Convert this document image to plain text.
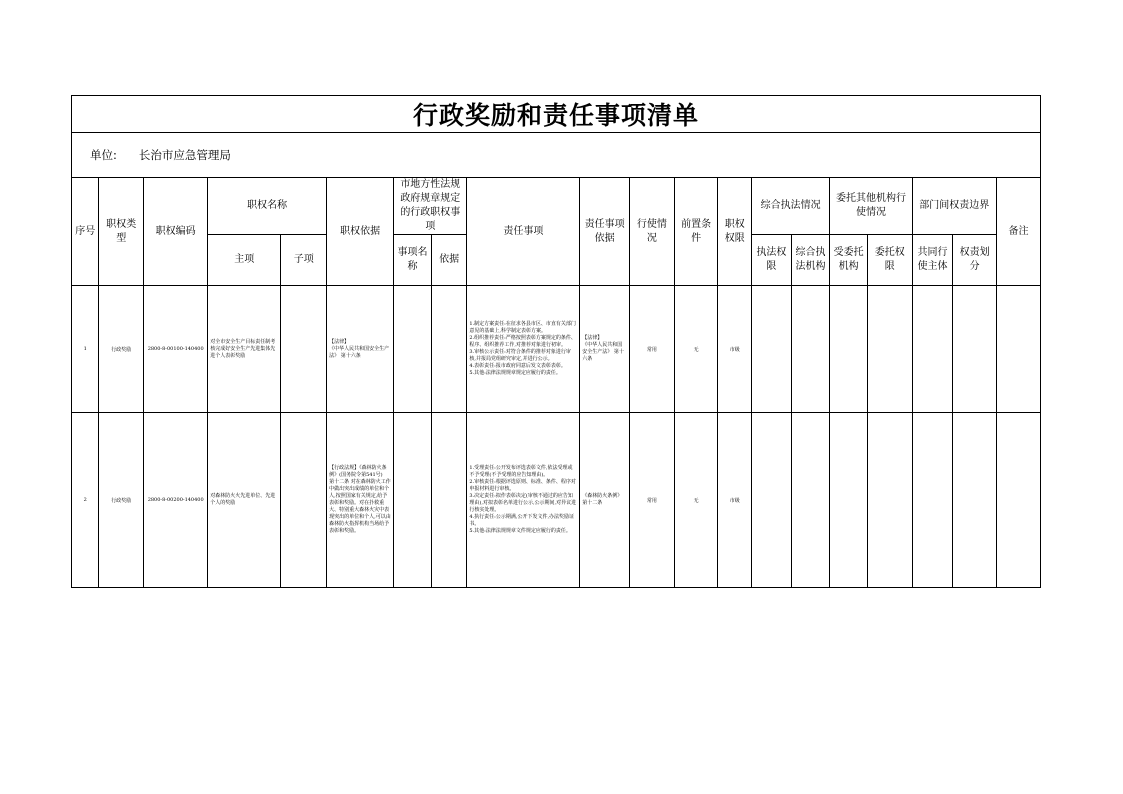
行政奖励和责任事项清单																			
单位: 长治市应急管理局																			
序号	职权类型	职权编码	职权名称		职权依据	市地方性法规政府规章规定的行政职权事项		责任事项	责任事项依据	行使情况	前置条件	职权权限	综合执法情况		委托其他机构行使情况		部门间权责边界		备注
			主项	子项		事项名称	依据						执法权限	综合执法机构	受委托机构	委托权限	共同行使主体	权责划分	
1	行政奖励	2800-8-00100-140400	对全市安全生产目标责任制考核完成好安全生产先进集体先进个人表彰奖励		【法律】
《中华人民共和国安全生产法》 第十六条			1.制定方案责任:在征求各县市区、市直有关部门意见的基础上,科学制定表彰方案。
2.组织推荐责任:严格按照表彰方案规定的条件、程序、组织推荐工作,对推荐对象进行初审。
3.审核公示责任:对符合条件的推荐对象进行审核,并报局党组研究审定,并进行公示。
4.表彰责任:报市政府同意后发文表彰表彰。
5.其他:法律法规规章规定应履行的责任。	【法律】
《中华人民共和国安全生产法》 第十六条	常用	无	市级							
2	行政奖励	2800-8-00200-140400	对森林防火火先进单位、先进个人的奖励		【行政法规】《森林防火条例》(国务院令第541号)
第十二条 对在森林防火工作中做出突出成绩的单位和个人,按照国家有关规定,给予表彰和奖励。对在扑救重大、特别重大森林火灾中表现突出的单位和个人,可以由森林防火指挥机构当场给予表彰和奖励。			1.受理责任:公开发布评选表彰文件,依法受理或不予受理(不予受理的应告知理由)。
2.审核责任:根据评选原则、标准、条件、程序对申报材料进行审核。
3.决定责任:拟作表彰决定(审核不通过的应告知理由),对拟表彰名单进行公示,公示期间,对异议进行核实处理。
4.执行责任:公示期满,公开下发文件,办法奖励证书。
5.其他:法律法规规章文件规定应履行的责任。	《森林防火条例》第十二条	常用	无	市级							
